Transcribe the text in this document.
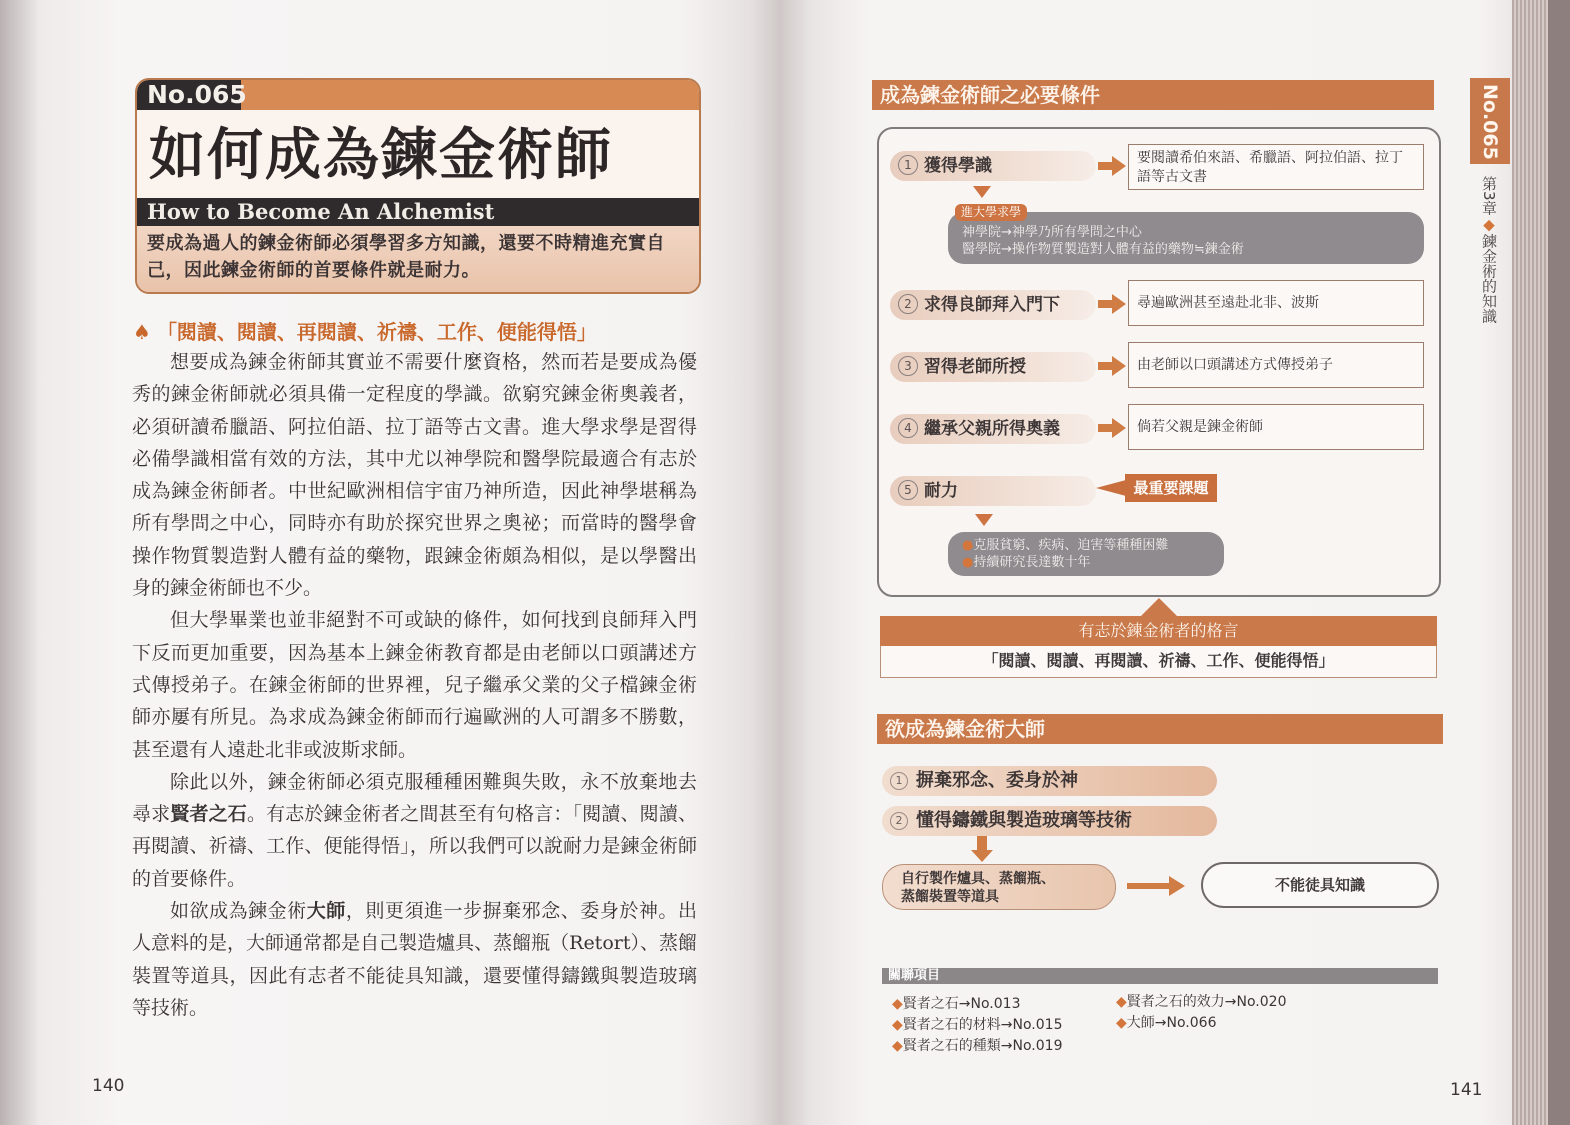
No.065
如何成為鍊金術師
How to Become An Alchemist
要成為過人的鍊金術師必須學習多方知識，還要不時精進充實自己，因此鍊金術師的首要條件就是耐力。
♠ 「閱讀、閱讀、再閱讀、祈禱、工作、便能得悟」

想要成為鍊金術師其實並不需要什麼資格，然而若是要成為優秀的鍊金術師就必須具備一定程度的學識。欲窮究鍊金術奧義者，必須研讀希臘語、阿拉伯語、拉丁語等古文書。進大學求學是習得必備學識相當有效的方法，其中尤以神學院和醫學院最適合有志於成為鍊金術師者。中世紀歐洲相信宇宙乃神所造，因此神學堪稱為所有學問之中心，同時亦有助於探究世界之奧祕；而當時的醫學會操作物質製造對人體有益的藥物，跟鍊金術頗為相似，是以學醫出身的鍊金術師也不少。

但大學畢業也並非絕對不可或缺的條件，如何找到良師拜入門下反而更加重要，因為基本上鍊金術教育都是由老師以口頭講述方式傳授弟子。在鍊金術師的世界裡，兒子繼承父業的父子檔鍊金術師亦屢有所見。為求成為鍊金術師而行遍歐洲的人可謂多不勝數，甚至還有人遠赴北非或波斯求師。

除此以外，鍊金術師必須克服種種困難與失敗，永不放棄地去尋求賢者之石。有志於鍊金術者之間甚至有句格言：「閱讀、閱讀、再閱讀、祈禱、工作、便能得悟」，所以我們可以說耐力是鍊金術師的首要條件。

如欲成為鍊金術大師，則更須進一步摒棄邪念、委身於神。出人意料的是，大師通常都是自己製造爐具、蒸餾瓶（Retort）、蒸餾裝置等道具，因此有志者不能徒具知識，還要懂得鑄鐵與製造玻璃等技術。

140
成為鍊金術師之必要條件
1 獲得學識	要閱讀希伯來語、希臘語、阿拉伯語、拉丁語等古文書
神學院→神學乃所有學問之中心
醫學院→操作物質製造對人體有益的藥物≒鍊金術
進大學求學
2 求得良師拜入門下	尋遍歐洲甚至遠赴北非、波斯
3 習得老師所授	由老師以口頭講述方式傳授弟子
4 繼承父親所得奧義	倘若父親是鍊金術師
5 耐力	最重要課題
●克服貧窮、疾病、迫害等種種困難
●持續研究長達數十年
有志於鍊金術者的格言
「閱讀、閱讀、再閱讀、祈禱、工作、便能得悟」
欲成為鍊金術大師
1 摒棄邪念、委身於神
2 懂得鑄鐵與製造玻璃等技術
自行製作爐具、蒸餾瓶、
蒸餾裝置等道具
不能徒具知識
關聯項目
◆賢者之石→No.013
◆賢者之石的材料→No.015
◆賢者之石的種類→No.019
◆賢者之石的效力→No.020
◆大師→No.066
No.065
第3章◆鍊金術的知識
141
